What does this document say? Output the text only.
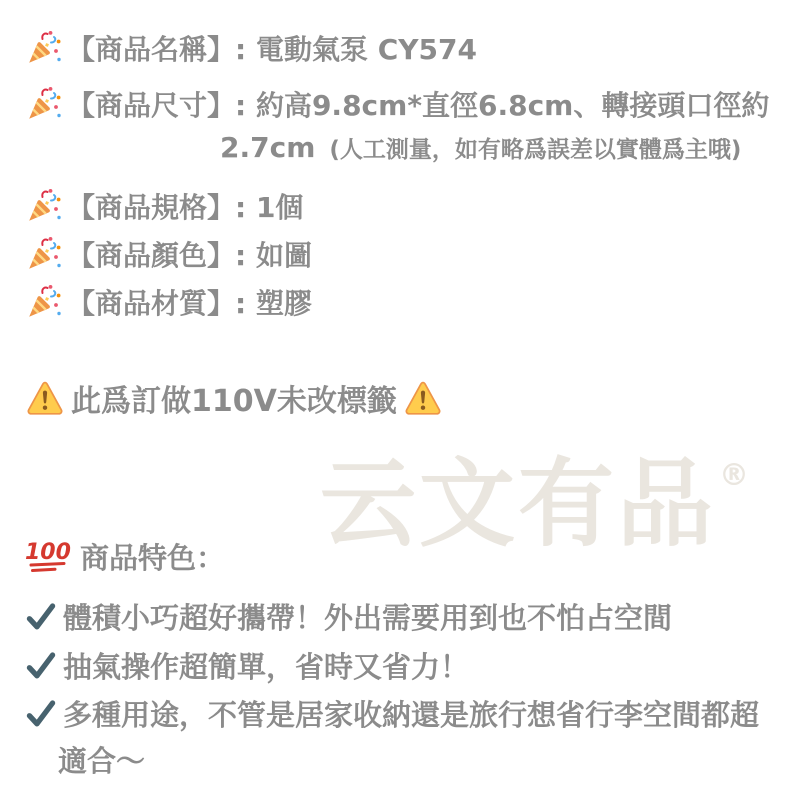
云文有品 ®
【商品名稱】: 電動氣泵 CY574
【商品尺寸】: 約高9.8cm*直徑6.8cm、轉接頭口徑約
2.7cm (人工測量，如有略爲誤差以實體爲主哦)
【商品規格】: 1個
【商品顏色】: 如圖
【商品材質】: 塑膠
此爲訂做110V未改標籤
商品特色：
體積小巧超好攜帶！外出需要用到也不怕占空間
抽氣操作超簡單，省時又省力！
多種用途，不管是居家收納還是旅行想省行李空間都超
適合～
